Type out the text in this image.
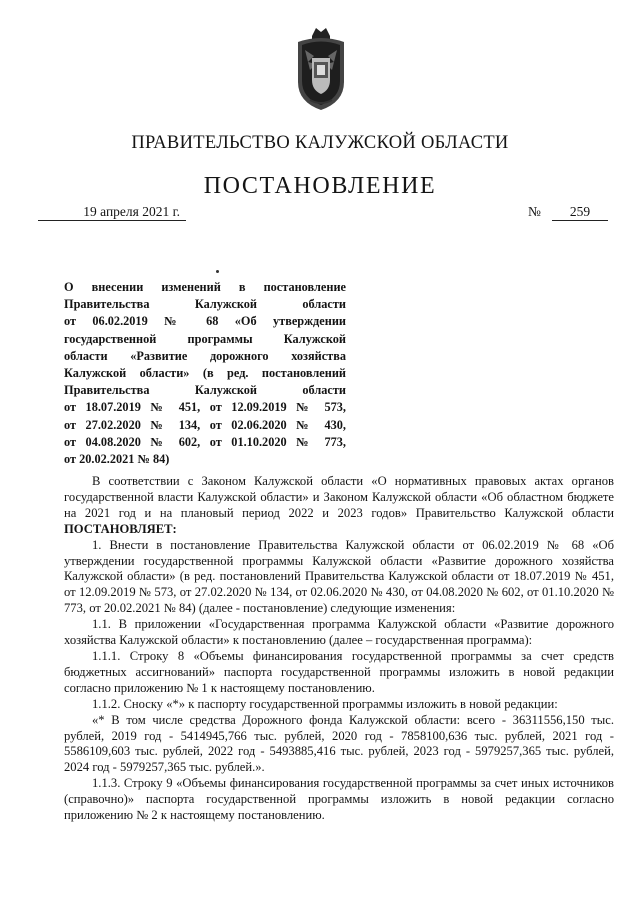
ПРАВИТЕЛЬСТВО КАЛУЖСКОЙ ОБЛАСТИ
ПОСТАНОВЛЕНИЕ
19 апреля 2021 г.	№	259
О внесении изменений в постановление
Правительства Калужской области
от 06.02.2019 № 68 «Об утверждении
государственной программы Калужской
области «Развитие дорожного хозяйства
Калужской области» (в ред. постановлений
Правительства Калужской области
от 18.07.2019 № 451, от 12.09.2019 № 573,
от 27.02.2020 № 134, от 02.06.2020 № 430,
от 04.08.2020 № 602, от 01.10.2020 № 773,
от 20.02.2021 № 84)

В соответствии с Законом Калужской области «О нормативных правовых актах органов государственной власти Калужской области» и Законом Калужской области «Об областном бюджете на 2021 год и на плановый период 2022 и 2023 годов» Правительство Калужской области ПОСТАНОВЛЯЕТ:

1. Внести в постановление Правительства Калужской области от 06.02.2019 № 68 «Об утверждении государственной программы Калужской области «Развитие дорожного хозяйства Калужской области» (в ред. постановлений Правительства Калужской области от 18.07.2019 № 451, от 12.09.2019 № 573, от 27.02.2020 № 134, от 02.06.2020 № 430, от 04.08.2020 № 602, от 01.10.2020 № 773, от 20.02.2021 № 84) (далее - постановление) следующие изменения:

1.1. В приложении «Государственная программа Калужской области «Развитие дорожного хозяйства Калужской области» к постановлению (далее – государственная программа):

1.1.1. Строку 8 «Объемы финансирования государственной программы за счет средств бюджетных ассигнований» паспорта государственной программы изложить в новой редакции согласно приложению № 1 к настоящему постановлению.

1.1.2. Сноску «*» к паспорту государственной программы изложить в новой редакции:

«* В том числе средства Дорожного фонда Калужской области: всего - 36311556,150 тыс. рублей, 2019 год - 5414945,766 тыс. рублей, 2020 год - 7858100,636 тыс. рублей, 2021 год - 5586109,603 тыс. рублей, 2022 год - 5493885,416 тыс. рублей, 2023 год - 5979257,365 тыс. рублей, 2024 год - 5979257,365 тыс. рублей.».

1.1.3. Строку 9 «Объемы финансирования государственной программы за счет иных источников (справочно)» паспорта государственной программы изложить в новой редакции согласно приложению № 2 к настоящему постановлению.
